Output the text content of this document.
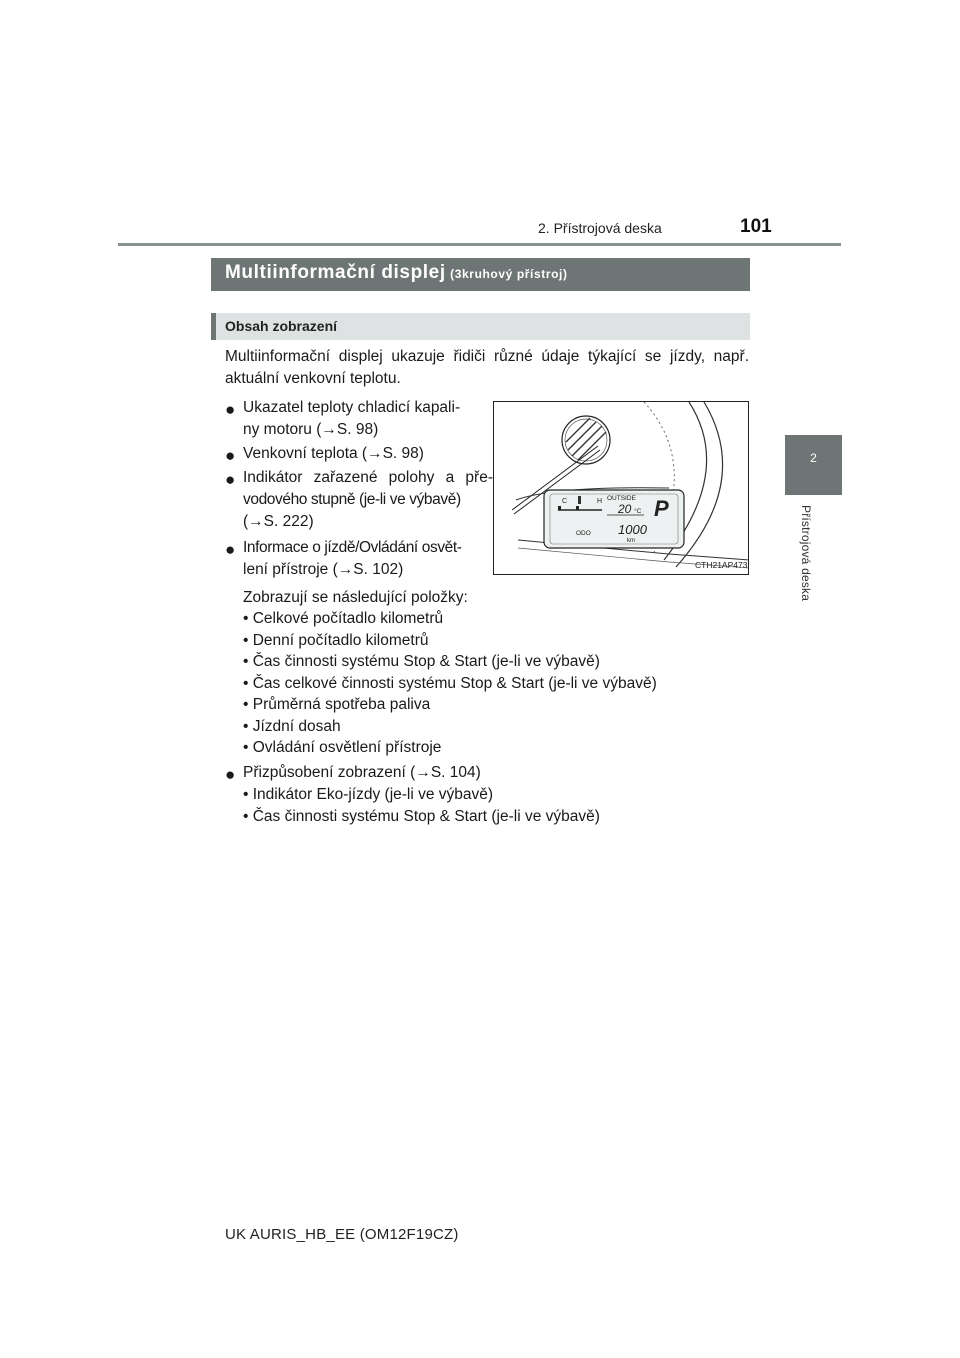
2. Přístrojová deska	101
2
Přístrojová deska
Multiinformační displej (3kruhový přístroj)
Obsah zobrazení
Multiinformační displej ukazuje řidiči různé údaje týkající se jízdy, např. aktuální venkovní teplotu.
● Ukazatel teploty chladicí kapali-
ny motoru (→S. 98)
● Venkovní teplota (→S. 98)
● Indikátor zařazené polohy a pře-
vodového stupně (je-li ve výbavě)
(→S. 222)
● Informace o jízdě/Ovládání osvět-
lení přístroje (→S. 102)
Zobrazují se následující položky:
• Celkové počítadlo kilometrů
• Denní počítadlo kilometrů
• Čas činnosti systému Stop & Start (je-li ve výbavě)
• Čas celkové činnosti systému Stop & Start (je-li ve výbavě)
• Průměrná spotřeba paliva
• Jízdní dosah
• Ovládání osvětlení přístroje
● Přizpůsobení zobrazení (→S. 104)
• Indikátor Eko-jízdy (je-li ve výbavě)
• Čas činnosti systému Stop & Start (je-li ve výbavě)
C	H OUTSIDE
20 °C P
ODO 1000
km
CTH21AP473
UK AURIS_HB_EE (OM12F19CZ)
